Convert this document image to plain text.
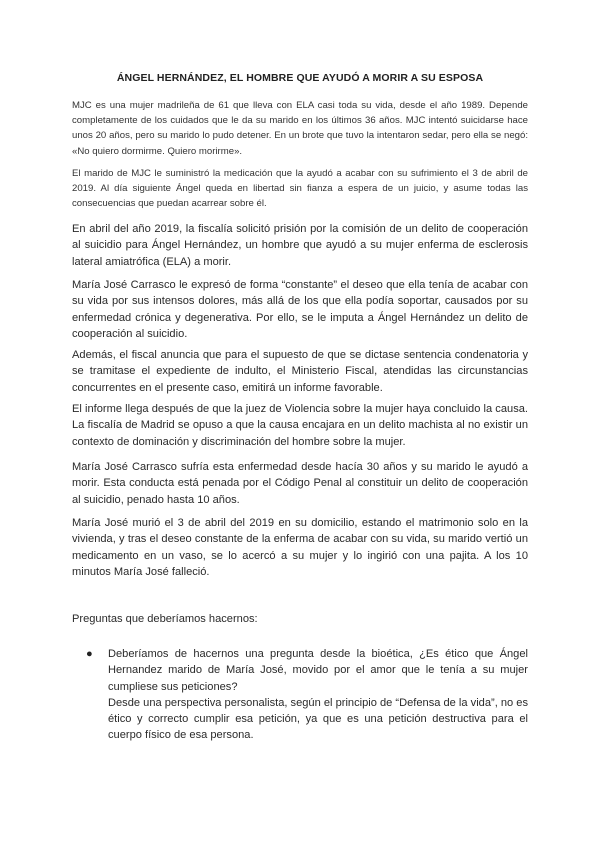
ÁNGEL HERNÁNDEZ, EL HOMBRE QUE AYUDÓ A MORIR A SU ESPOSA

MJC es una mujer madrileña de 61 que lleva con ELA casi toda su vida, desde el año 1989. Depende completamente de los cuidados que le da su marido en los últimos 36 años. MJC intentó suicidarse hace unos 20 años, pero su marido lo pudo detener. En un brote que tuvo la intentaron sedar, pero ella se negó: «No quiero dormirme. Quiero morirme».

El marido de MJC le suministró la medicación que la ayudó a acabar con su sufrimiento el 3 de abril de 2019. Al día siguiente Ángel queda en libertad sin fianza a espera de un juicio, y asume todas las consecuencias que puedan acarrear sobre él.

En abril del año 2019, la fiscalía solicitó prisión por la comisión de un delito de cooperación al suicidio para Ángel Hernández, un hombre que ayudó a su mujer enferma de esclerosis lateral amiatrófica (ELA) a morir.

María José Carrasco le expresó de forma “constante” el deseo que ella tenía de acabar con su vida por sus intensos dolores, más allá de los que ella podía soportar, causados por su enfermedad crónica y degenerativa. Por ello, se le imputa a Ángel Hernández un delito de cooperación al suicidio.

Además, el fiscal anuncia que para el supuesto de que se dictase sentencia condenatoria y se tramitase el expediente de indulto, el Ministerio Fiscal, atendidas las circunstancias concurrentes en el presente caso, emitirá un informe favorable.

El informe llega después de que la juez de Violencia sobre la mujer haya concluido la causa. La fiscalía de Madrid se opuso a que la causa encajara en un delito machista al no existir un contexto de dominación y discriminación del hombre sobre la mujer.

María José Carrasco sufría esta enfermedad desde hacía 30 años y su marido le ayudó a morir. Esta conducta está penada por el Código Penal al constituir un delito de cooperación al suicidio, penado hasta 10 años.

María José murió el 3 de abril del 2019 en su domicilio, estando el matrimonio solo en la vivienda, y tras el deseo constante de la enferma de acabar con su vida, su marido vertió un medicamento en un vaso, se lo acercó a su mujer y lo ingirió con una pajita. A los 10 minutos María José falleció.

Preguntas que deberíamos hacernos:

● Deberíamos de hacernos una pregunta desde la bioética, ¿Es ético que Ángel Hernandez marido de María José, movido por el amor que le tenía a su mujer cumpliese sus peticiones?

Desde una perspectiva personalista, según el principio de “Defensa de la vida”, no es ético y correcto cumplir esa petición, ya que es una petición destructiva para el cuerpo físico de esa persona.
